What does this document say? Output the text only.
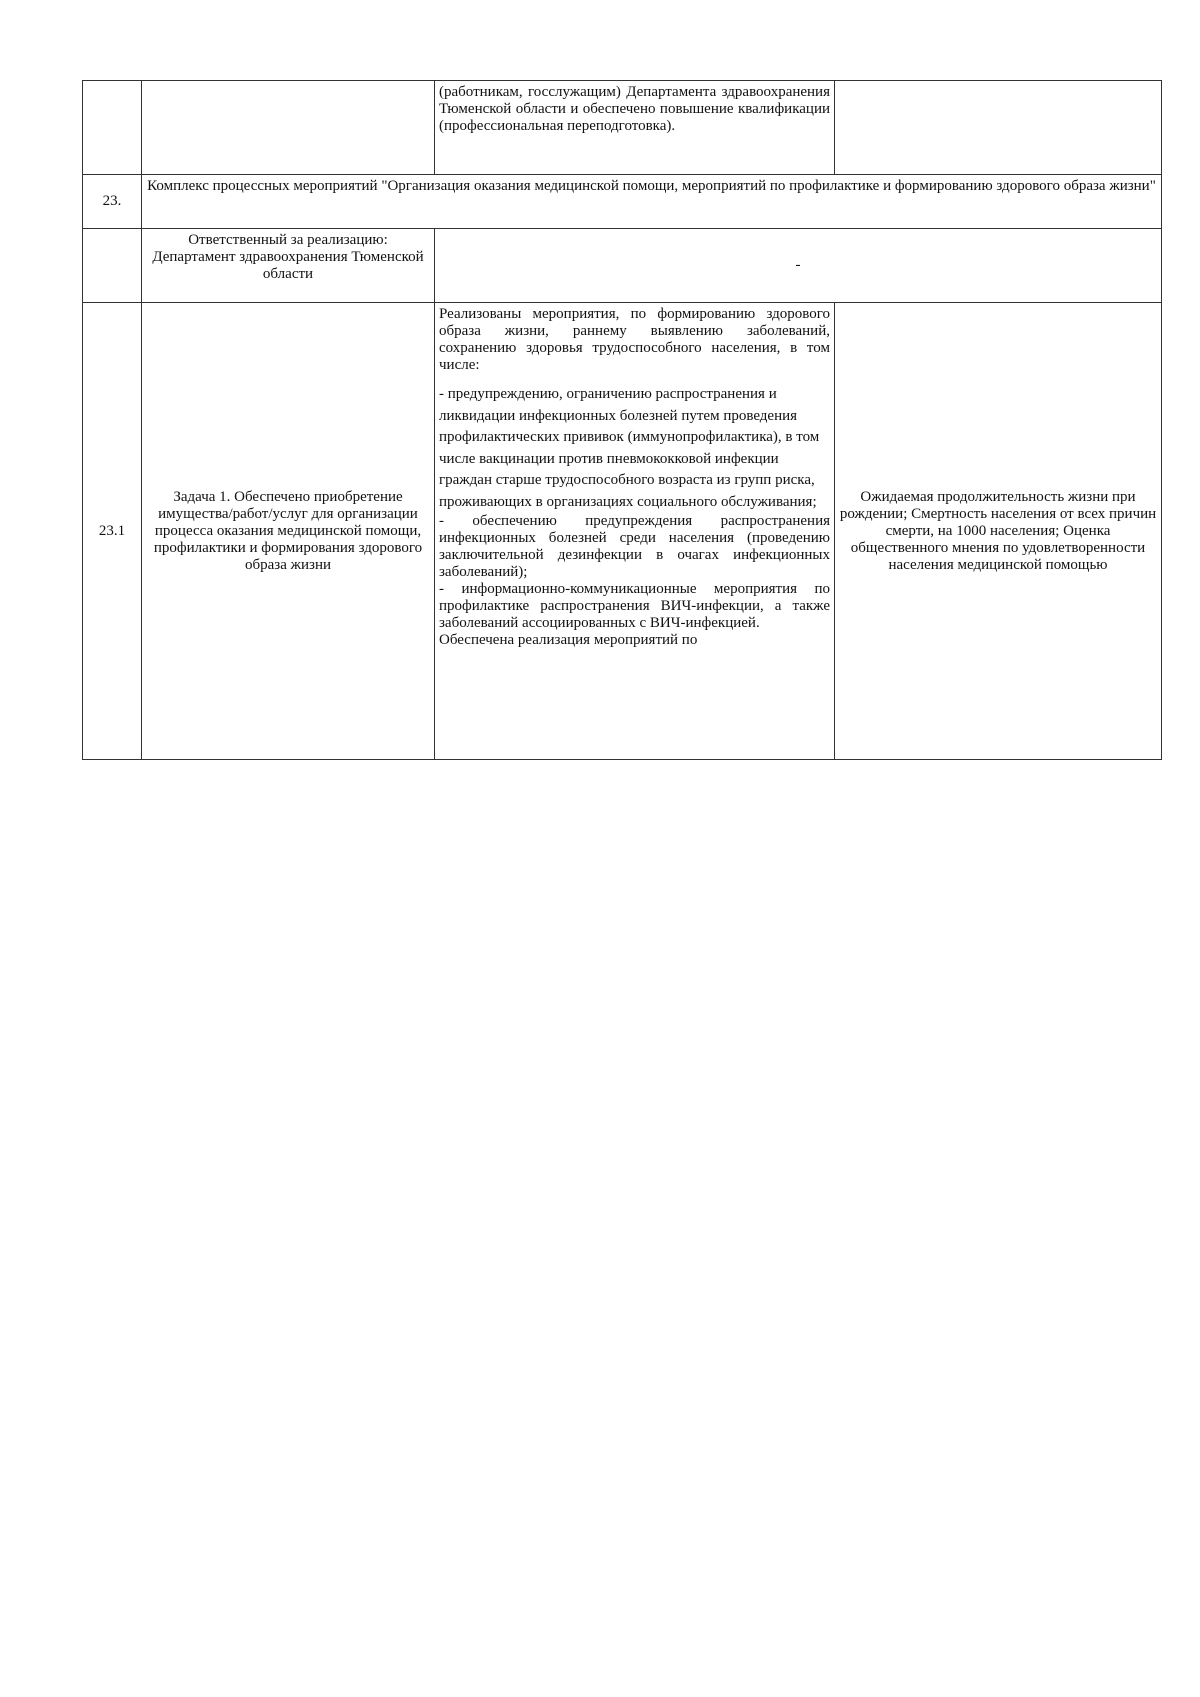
		(работникам, госслужащим) Департамента здравоохранения Тюменской области и обеспечено повышение квалификации (профессиональная переподготовка).	

23.	Комплекс процессных мероприятий "Организация оказания медицинской помощи, мероприятий по профилактике и формированию здорового образа жизни"		
	Ответственный за реализацию: Департамент здравоохранения Тюменской области	-	
23.1	Задача 1. Обеспечено приобретение имущества/работ/услуг для организации процесса оказания медицинской помощи, профилактики и формирования здорового образа жизни	Реализованы мероприятия, по формированию здорового образа жизни, раннему выявлению заболеваний, сохранению здоровья трудоспособного населения, в том числе:

- предупреждению, ограничению распространения и ликвидации инфекционных болезней путем проведения профилактических прививок (иммунопрофилактика), в том числе вакцинации против пневмококковой инфекции граждан старше трудоспособного возраста из групп риска, проживающих в организациях социального обслуживания;

- обеспечению предупреждения распространения инфекционных болезней среди населения (проведению заключительной дезинфекции в очагах инфекционных заболеваний);

- информационно-коммуникационные мероприятия по профилактике распространения ВИЧ-инфекции, а также заболеваний ассоциированных с ВИЧ-инфекцией.

Обеспечена реализация мероприятий по	Ожидаемая продолжительность жизни при рождении; Смертность населения от всех причин смерти, на 1000 населения; Оценка общественного мнения по удовлетворенности населения медицинской помощью
